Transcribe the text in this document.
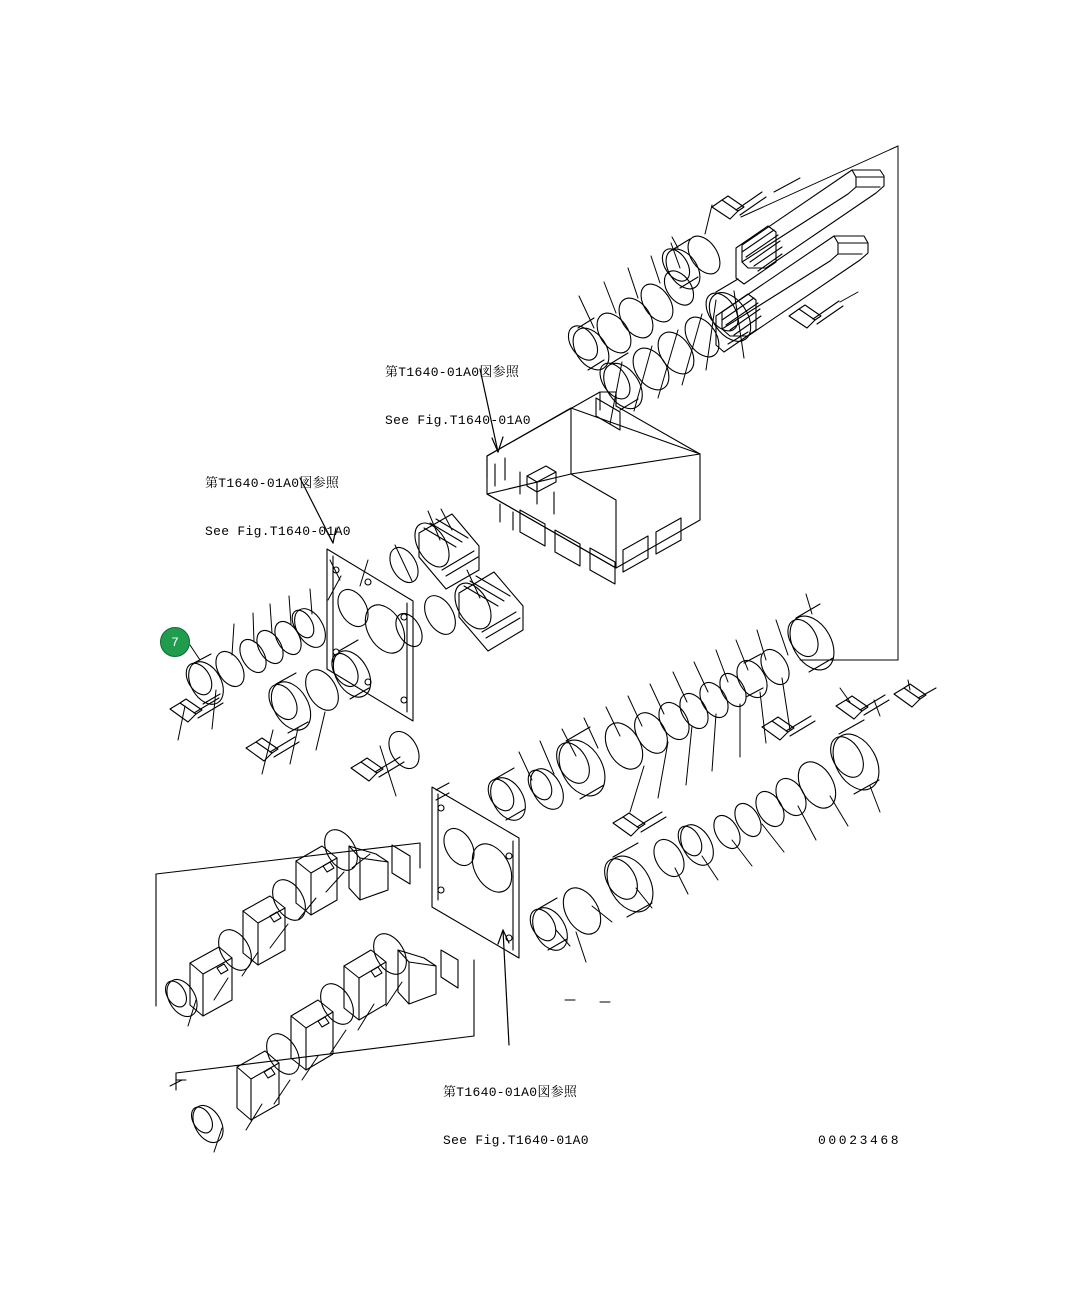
第T1640-01A0図参照

See Fig.T1640-01A0

第T1640-01A0図参照

See Fig.T1640-01A0

第T1640-01A0図参照

See Fig.T1640-01A0

7
00023468
